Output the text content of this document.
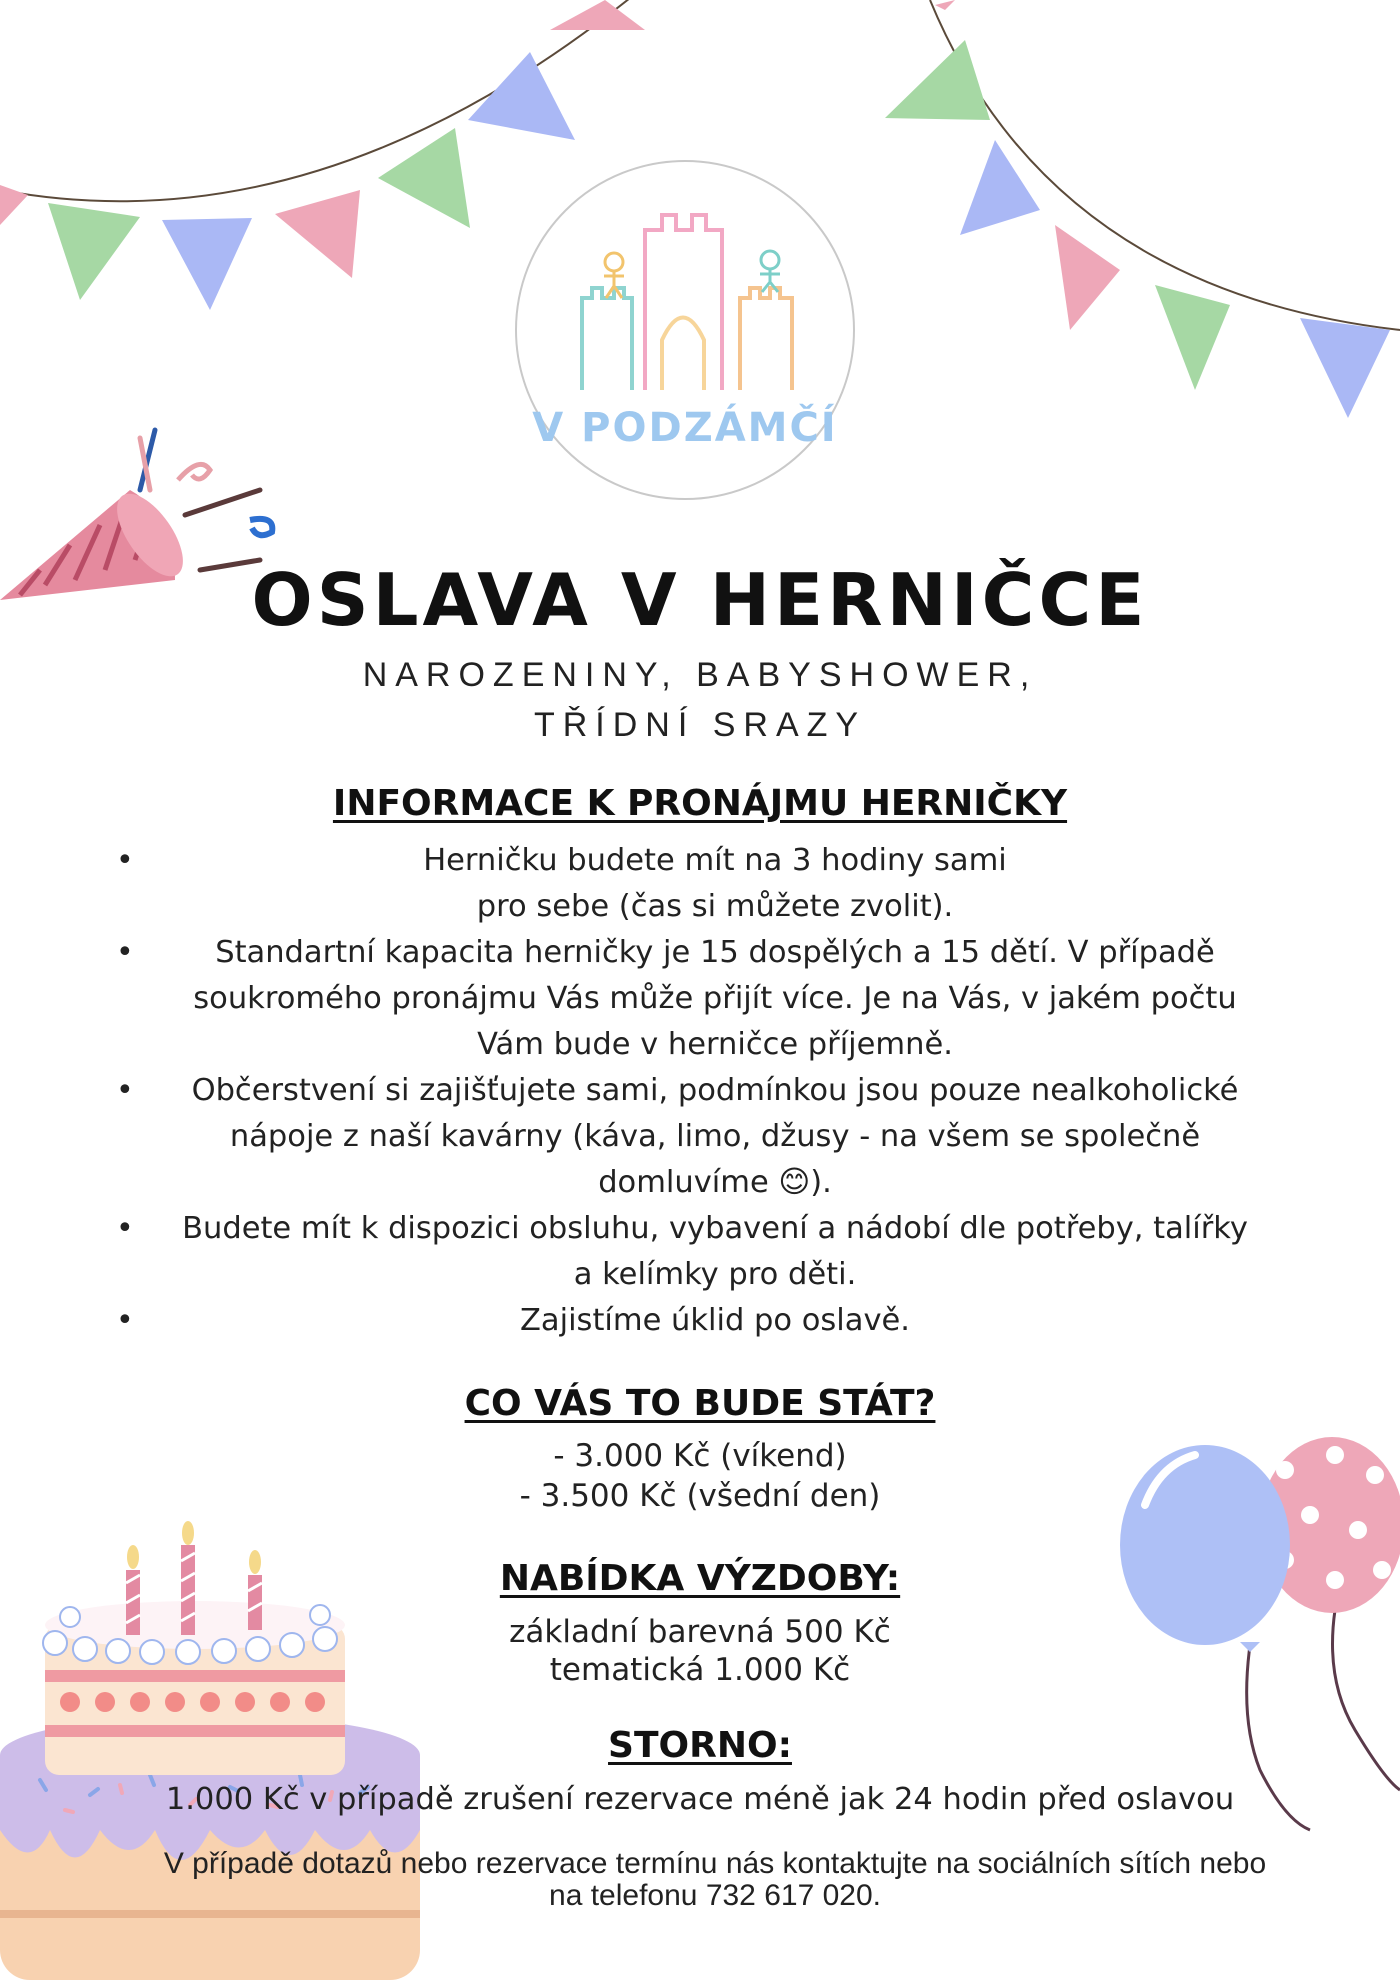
V PODZÁMČÍ
OSLAVA V HERNIČCE
NAROZENINY, BABYSHOWER,
TŘÍDNÍ SRAZY
INFORMACE K PRONÁJMU HERNIČKY
• Herničku budete mít na 3 hodiny sami pro sebe (čas si můžete zvolit).
• Standartní kapacita herničky je 15 dospělých a 15 dětí. V případě soukromého pronájmu Vás může přijít více. Je na Vás, v jakém počtu Vám bude v herničce příjemně.
• Občerstvení si zajišťujete sami, podmínkou jsou pouze nealkoholické nápoje z naší kavárny (káva, limo, džusy - na všem se společně domluvíme 😊).
• Budete mít k dispozici obsluhu, vybavení a nádobí dle potřeby, talířky a kelímky pro děti.
• Zajistíme úklid po oslavě.
CO VÁS TO BUDE STÁT?
- 3.000 Kč (víkend)
- 3.500 Kč (všední den)
NABÍDKA VÝZDOBY:
základní barevná 500 Kč
tematická 1.000 Kč
STORNO:
1.000 Kč v případě zrušení rezervace méně jak 24 hodin před oslavou
V případě dotazů nebo rezervace termínu nás kontaktujte na sociálních sítích nebo
na telefonu 732 617 020.
